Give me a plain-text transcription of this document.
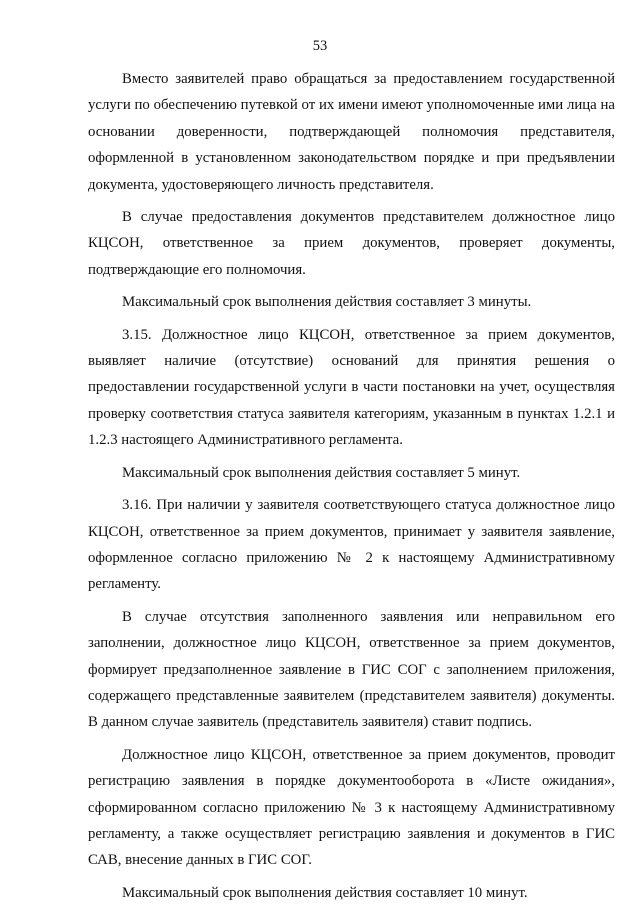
53

Вместо заявителей право обращаться за предоставлением государственной услуги по обеспечению путевкой от их имени имеют уполномоченные ими лица на основании доверенности, подтверждающей полномочия представителя, оформленной в установленном законодательством порядке и при предъявлении документа, удостоверяющего личность представителя.

В случае предоставления документов представителем должностное лицо КЦСОН, ответственное за прием документов, проверяет документы, подтверждающие его полномочия.

Максимальный срок выполнения действия составляет 3 минуты.

3.15. Должностное лицо КЦСОН, ответственное за прием документов, выявляет наличие (отсутствие) оснований для принятия решения о предоставлении государственной услуги в части постановки на учет, осуществляя проверку соответствия статуса заявителя категориям, указанным в пунктах 1.2.1 и 1.2.3 настоящего Административного регламента.

Максимальный срок выполнения действия составляет 5 минут.

3.16. При наличии у заявителя соответствующего статуса должностное лицо КЦСОН, ответственное за прием документов, принимает у заявителя заявление, оформленное согласно приложению № 2 к настоящему Административному регламенту.

В случае отсутствия заполненного заявления или неправильном его заполнении, должностное лицо КЦСОН, ответственное за прием документов, формирует предзаполненное заявление в ГИС СОГ с заполнением приложения, содержащего представленные заявителем (представителем заявителя) документы. В данном случае заявитель (представитель заявителя) ставит подпись.

Должностное лицо КЦСОН, ответственное за прием документов, проводит регистрацию заявления в порядке документооборота в «Листе ожидания», сформированном согласно приложению № 3 к настоящему Административному регламенту, а также осуществляет регистрацию заявления и документов в ГИС САВ, внесение данных в ГИС СОГ.

Максимальный срок выполнения действия составляет 10 минут.
